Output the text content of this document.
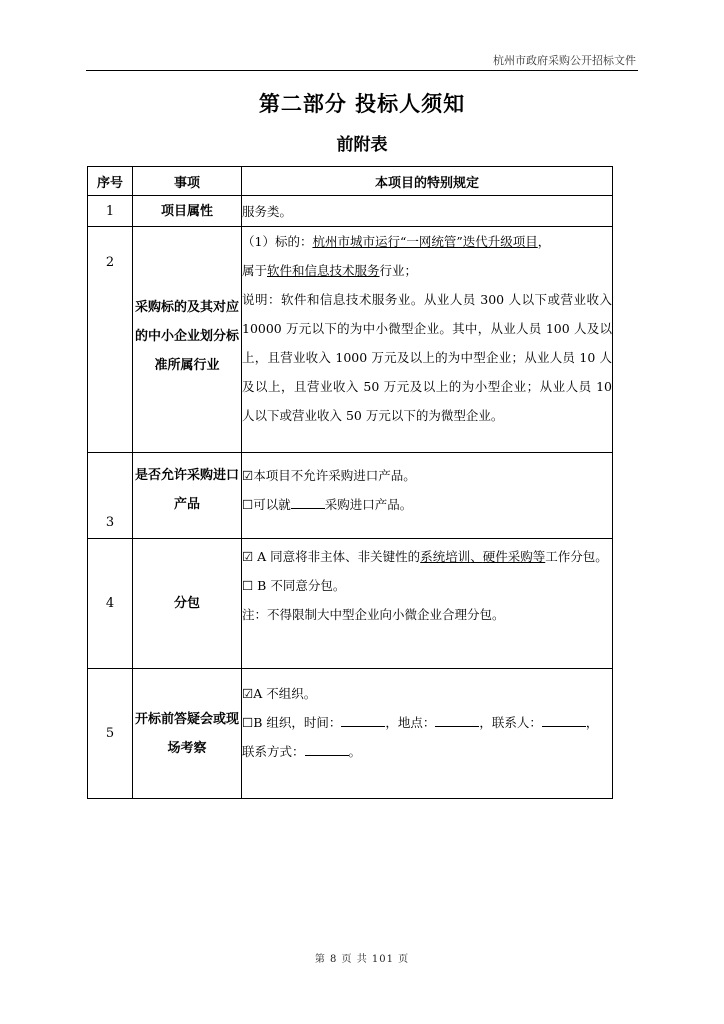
杭州市政府采购公开招标文件
第二部分 投标人须知
前附表
序号	事项	本项目的特别规定
1	项目属性	服务类。
2	采购标的及其对应的中小企业划分标准所属行业	（1）标的：杭州市城市运行“一网统管”迭代升级项目，
属于软件和信息技术服务行业；
说明：软件和信息技术服务业。从业人员 300 人以下或营业收入 10000 万元以下的为中小微型企业。其中，从业人员 100 人及以上，且营业收入 1000 万元及以上的为中型企业；从业人员 10 人及以上，且营业收入 50 万元及以上的为小型企业；从业人员 10 人以下或营业收入 50 万元以下的为微型企业。

3	是否允许采购进口产品	☑本项目不允许采购进口产品。
☐可以就 采购进口产品。

4	分包	☑ A 同意将非主体、非关键性的系统培训、硬件采购等工作分包。
☐ B 不同意分包。
注：不得限制大中型企业向小微企业合理分包。

5	开标前答疑会或现场考察	☑A 不组织。
☐B 组织，时间： ，地点： ，联系人： ，
联系方式： 。
第 8 页 共 101 页
